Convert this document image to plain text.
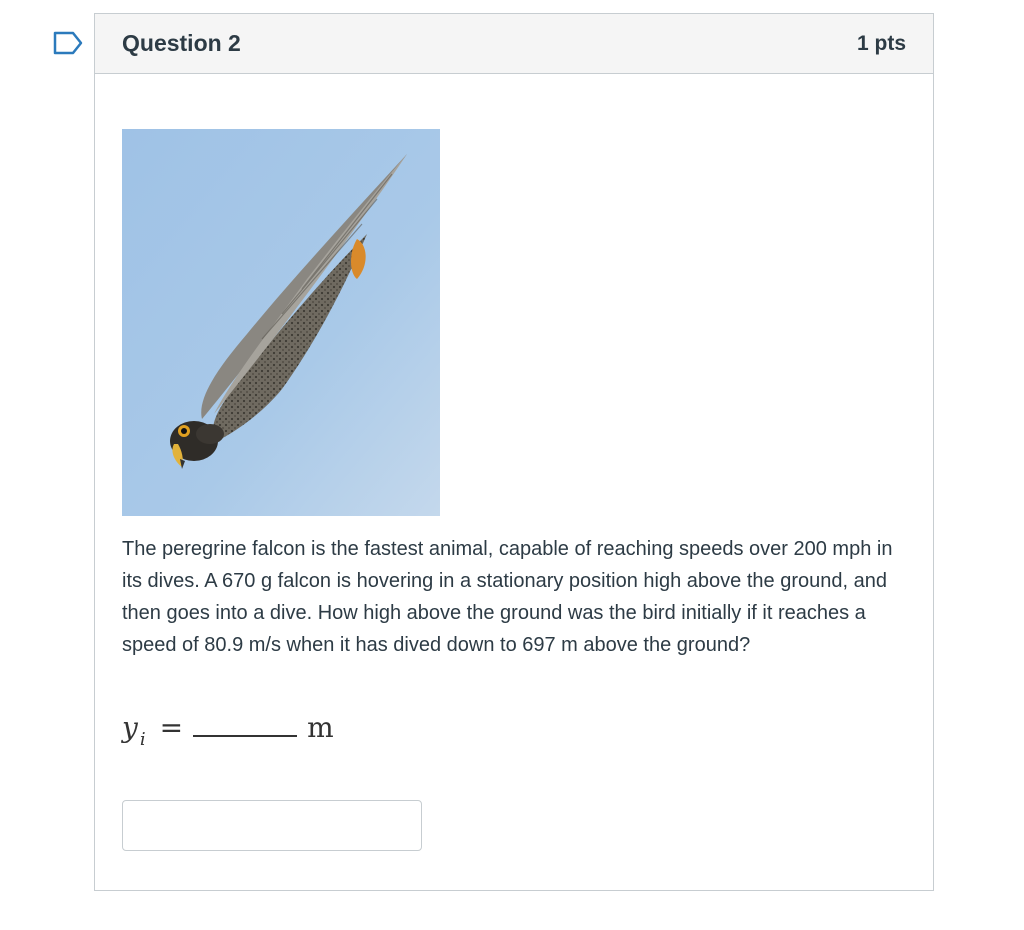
Question 2	1 pts
The peregrine falcon is the fastest animal, capable of reaching speeds over 200 mph in its dives. A 670 g falcon is hovering in a stationary position high above the ground, and then goes into a dive. How high above the ground was the bird initially if it reaches a speed of 80.9 m/s when it has dived down to 697 m above the ground?
y i =	m
